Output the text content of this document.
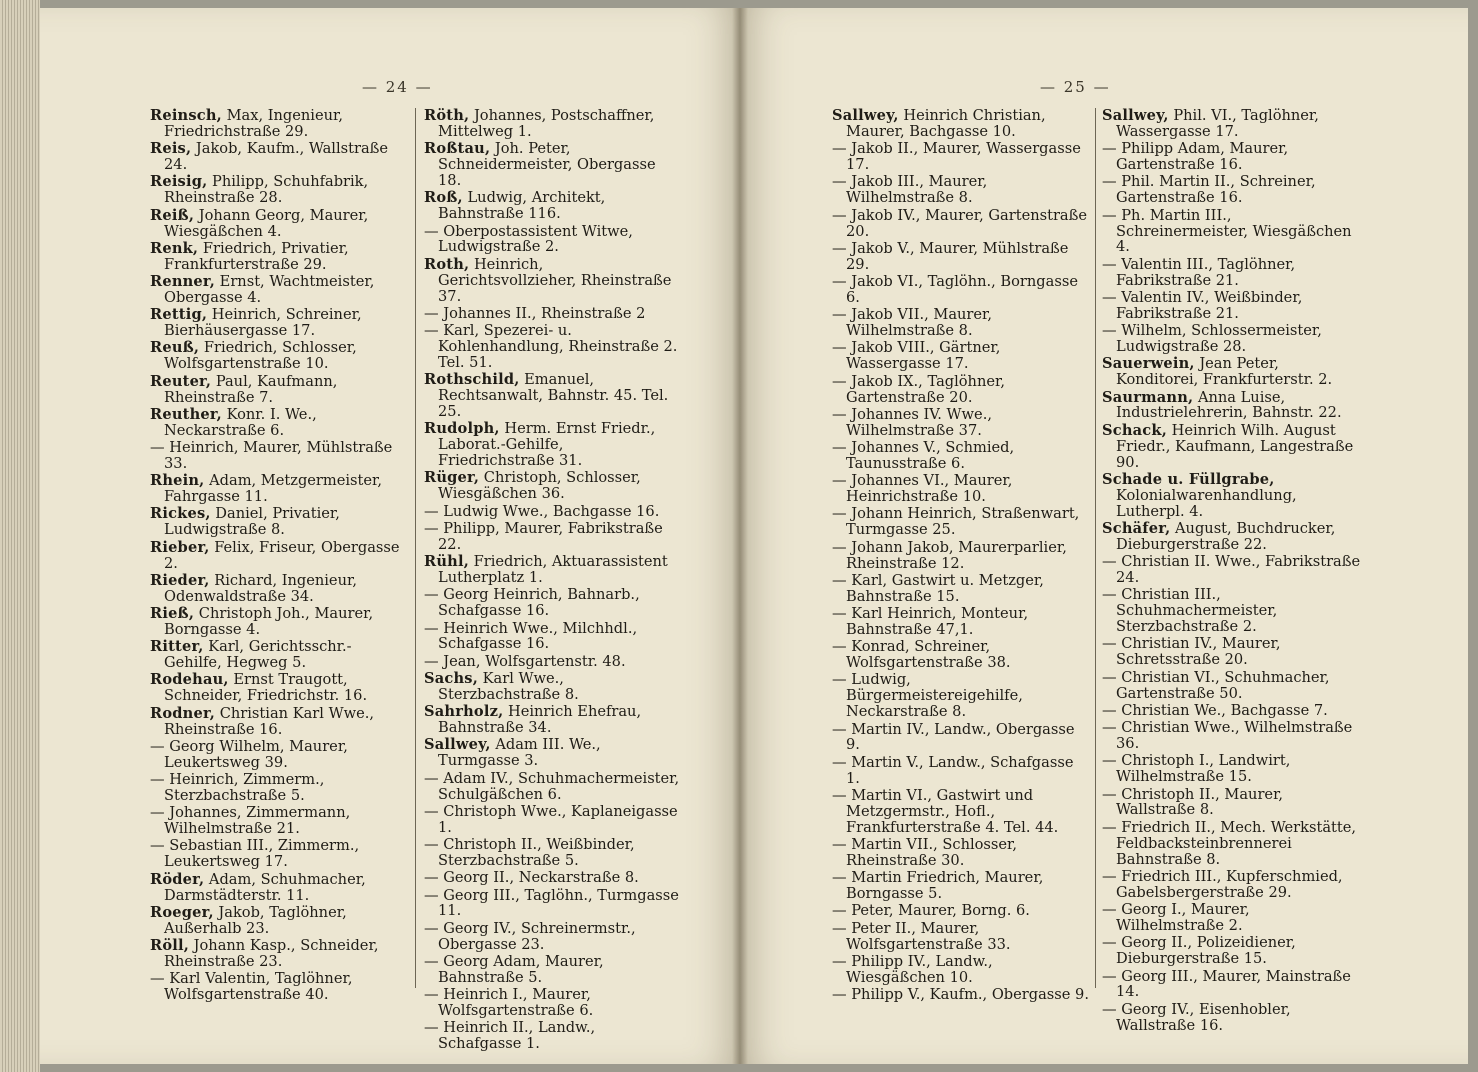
— 24 —
Reinsch, Max, Ingenieur, Friedrichstraße 29.
Reis, Jakob, Kaufm., Wallstraße 24.
Reisig, Philipp, Schuhfabrik, Rheinstraße 28.
Reiß, Johann Georg, Maurer, Wiesgäßchen 4.
Renk, Friedrich, Privatier, Frankfurterstraße 29.
Renner, Ernst, Wachtmeister, Obergasse 4.
Rettig, Heinrich, Schreiner, Bierhäusergasse 17.
Reuß, Friedrich, Schlosser, Wolfsgartenstraße 10.
Reuter, Paul, Kaufmann, Rheinstraße 7.
Reuther, Konr. I. We., Neckarstraße 6.
— Heinrich, Maurer, Mühlstraße 33.
Rhein, Adam, Metzgermeister, Fahrgasse 11.
Rickes, Daniel, Privatier, Ludwigstraße 8.
Rieber, Felix, Friseur, Obergasse 2.
Rieder, Richard, Ingenieur, Odenwaldstraße 34.
Rieß, Christoph Joh., Maurer, Borngasse 4.
Ritter, Karl, Gerichtsschr.-Gehilfe, Hegweg 5.
Rodehau, Ernst Traugott, Schneider, Friedrichstr. 16.
Rodner, Christian Karl Wwe., Rheinstraße 16.
— Georg Wilhelm, Maurer, Leukertsweg 39.
— Heinrich, Zimmerm., Sterzbachstraße 5.
— Johannes, Zimmermann, Wilhelmstraße 21.
— Sebastian III., Zimmerm., Leukertsweg 17.
Röder, Adam, Schuhmacher, Darmstädterstr. 11.
Roeger, Jakob, Taglöhner, Außerhalb 23.
Röll, Johann Kasp., Schneider, Rheinstraße 23.
— Karl Valentin, Taglöhner, Wolfsgartenstraße 40.
Röth, Johannes, Postschaffner, Mittelweg 1.
Roßtau, Joh. Peter, Schneidermeister, Obergasse 18.
Roß, Ludwig, Architekt, Bahnstraße 116.
— Oberpostassistent Witwe, Ludwigstraße 2.
Roth, Heinrich, Gerichtsvollzieher, Rheinstraße 37.
— Johannes II., Rheinstraße 2
— Karl, Spezerei- u. Kohlenhandlung, Rheinstraße 2. Tel. 51.
Rothschild, Emanuel, Rechtsanwalt, Bahnstr. 45. Tel. 25.
Rudolph, Herm. Ernst Friedr., Laborat.-Gehilfe, Friedrichstraße 31.
Rüger, Christoph, Schlosser, Wiesgäßchen 36.
— Ludwig Wwe., Bachgasse 16.
— Philipp, Maurer, Fabrikstraße 22.
Rühl, Friedrich, Aktuarassistent Lutherplatz 1.
— Georg Heinrich, Bahnarb., Schafgasse 16.
— Heinrich Wwe., Milchhdl., Schafgasse 16.
— Jean, Wolfsgartenstr. 48.
Sachs, Karl Wwe., Sterzbachstraße 8.
Sahrholz, Heinrich Ehefrau, Bahnstraße 34.
Sallwey, Adam III. We., Turmgasse 3.
— Adam IV., Schuhmachermeister, Schulgäßchen 6.
— Christoph Wwe., Kaplaneigasse 1.
— Christoph II., Weißbinder, Sterzbachstraße 5.
— Georg II., Neckarstraße 8.
— Georg III., Taglöhn., Turmgasse 11.
— Georg IV., Schreinermstr., Obergasse 23.
— Georg Adam, Maurer, Bahnstraße 5.
— Heinrich I., Maurer, Wolfsgartenstraße 6.
— Heinrich II., Landw., Schafgasse 1.
— 25 —
Sallwey, Heinrich Christian, Maurer, Bachgasse 10.
— Jakob II., Maurer, Wassergasse 17.
— Jakob III., Maurer, Wilhelmstraße 8.
— Jakob IV., Maurer, Gartenstraße 20.
— Jakob V., Maurer, Mühlstraße 29.
— Jakob VI., Taglöhn., Borngasse 6.
— Jakob VII., Maurer, Wilhelmstraße 8.
— Jakob VIII., Gärtner, Wassergasse 17.
— Jakob IX., Taglöhner, Gartenstraße 20.
— Johannes IV. Wwe., Wilhelmstraße 37.
— Johannes V., Schmied, Taunusstraße 6.
— Johannes VI., Maurer, Heinrichstraße 10.
— Johann Heinrich, Straßenwart, Turmgasse 25.
— Johann Jakob, Maurerparlier, Rheinstraße 12.
— Karl, Gastwirt u. Metzger, Bahnstraße 15.
— Karl Heinrich, Monteur, Bahnstraße 47,1.
— Konrad, Schreiner, Wolfsgartenstraße 38.
— Ludwig, Bürgermeistereigehilfe, Neckarstraße 8.
— Martin IV., Landw., Obergasse 9.
— Martin V., Landw., Schafgasse 1.
— Martin VI., Gastwirt und Metzgermstr., Hofl., Frankfurterstraße 4. Tel. 44.
— Martin VII., Schlosser, Rheinstraße 30.
— Martin Friedrich, Maurer, Borngasse 5.
— Peter, Maurer, Borng. 6.
— Peter II., Maurer, Wolfsgartenstraße 33.
— Philipp IV., Landw., Wiesgäßchen 10.
— Philipp V., Kaufm., Obergasse 9.
Sallwey, Phil. VI., Taglöhner, Wassergasse 17.
— Philipp Adam, Maurer, Gartenstraße 16.
— Phil. Martin II., Schreiner, Gartenstraße 16.
— Ph. Martin III., Schreinermeister, Wiesgäßchen 4.
— Valentin III., Taglöhner, Fabrikstraße 21.
— Valentin IV., Weißbinder, Fabrikstraße 21.
— Wilhelm, Schlossermeister, Ludwigstraße 28.
Sauerwein, Jean Peter, Konditorei, Frankfurterstr. 2.
Saurmann, Anna Luise, Industrielehrerin, Bahnstr. 22.
Schack, Heinrich Wilh. August Friedr., Kaufmann, Langestraße 90.
Schade u. Füllgrabe, Kolonialwarenhandlung, Lutherpl. 4.
Schäfer, August, Buchdrucker, Dieburgerstraße 22.
— Christian II. Wwe., Fabrikstraße 24.
— Christian III., Schuhmachermeister, Sterzbachstraße 2.
— Christian IV., Maurer, Schretsstraße 20.
— Christian VI., Schuhmacher, Gartenstraße 50.
— Christian We., Bachgasse 7.
— Christian Wwe., Wilhelmstraße 36.
— Christoph I., Landwirt, Wilhelmstraße 15.
— Christoph II., Maurer, Wallstraße 8.
— Friedrich II., Mech. Werkstätte, Feldbacksteinbrennerei Bahnstraße 8.
— Friedrich III., Kupferschmied, Gabelsbergerstraße 29.
— Georg I., Maurer, Wilhelmstraße 2.
— Georg II., Polizeidiener, Dieburgerstraße 15.
— Georg III., Maurer, Mainstraße 14.
— Georg IV., Eisenhobler, Wallstraße 16.
